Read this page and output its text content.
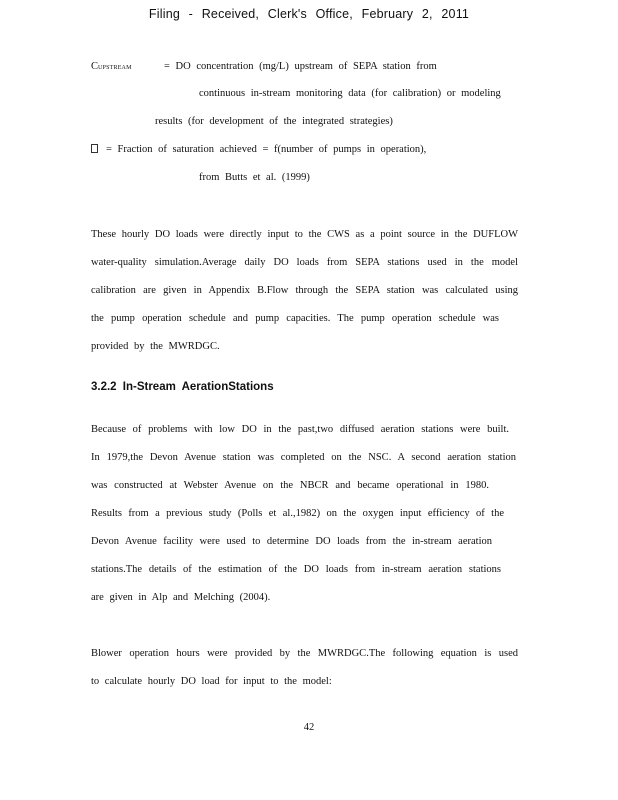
Filing - Received, Clerk's Office, February 2, 2011
CUPSTREAM	= DO concentration (mg/L) upstream of SEPA station from
continuous in-stream monitoring data (for calibration) or modeling
results (for development of the integrated strategies)
= Fraction of saturation achieved = f(number of pumps in operation),
from Butts et al. (1999)
These hourly DO loads were directly input to the CWS as a point source in the DUFLOW
water-quality simulation.Average daily DO loads from SEPA stations used in the model
calibration are given in Appendix B.Flow through the SEPA station was calculated using
the pump operation schedule and pump capacities. The pump operation schedule was
provided by the MWRDGC.
3.2.2 In-Stream AerationStations
Because of problems with low DO in the past,two diffused aeration stations were built.
In 1979,the Devon Avenue station was completed on the NSC. A second aeration station
was constructed at Webster Avenue on the NBCR and became operational in 1980.
Results from a previous study (Polls et al.,1982) on the oxygen input efficiency of the
Devon Avenue facility were used to determine DO loads from the in-stream aeration
stations.The details of the estimation of the DO loads from in-stream aeration stations
are given in Alp and Melching (2004).
Blower operation hours were provided by the MWRDGC.The following equation is used
to calculate hourly DO load for input to the model:
42
